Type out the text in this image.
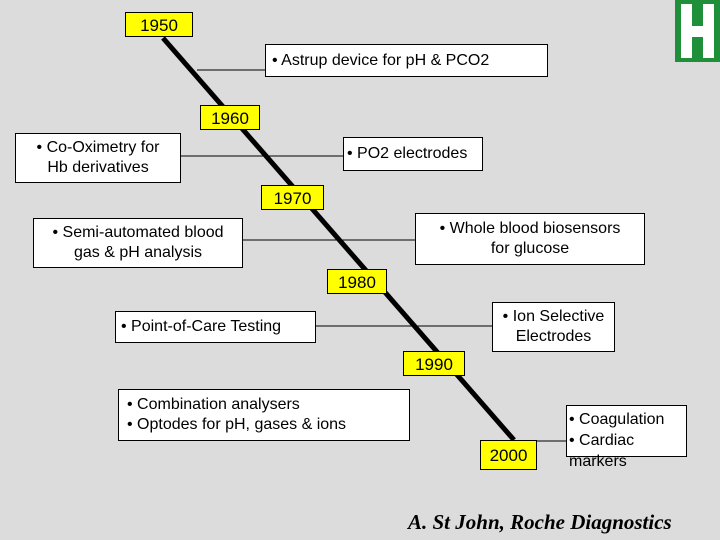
1950
1960
1970
1980
1990
2000

• Astrup device for pH & PCO2

• Co-Oximetry for

Hb derivatives

• PO2 electrodes

• Semi-automated blood

gas & pH analysis

• Whole blood biosensors

for glucose

• Point-of-Care Testing

• Ion Selective

Electrodes

• Combination analysers

• Optodes for pH, gases & ions	• Coagulation

• Cardiac

markers

aouc
A. St John, Roche Diagnostics
